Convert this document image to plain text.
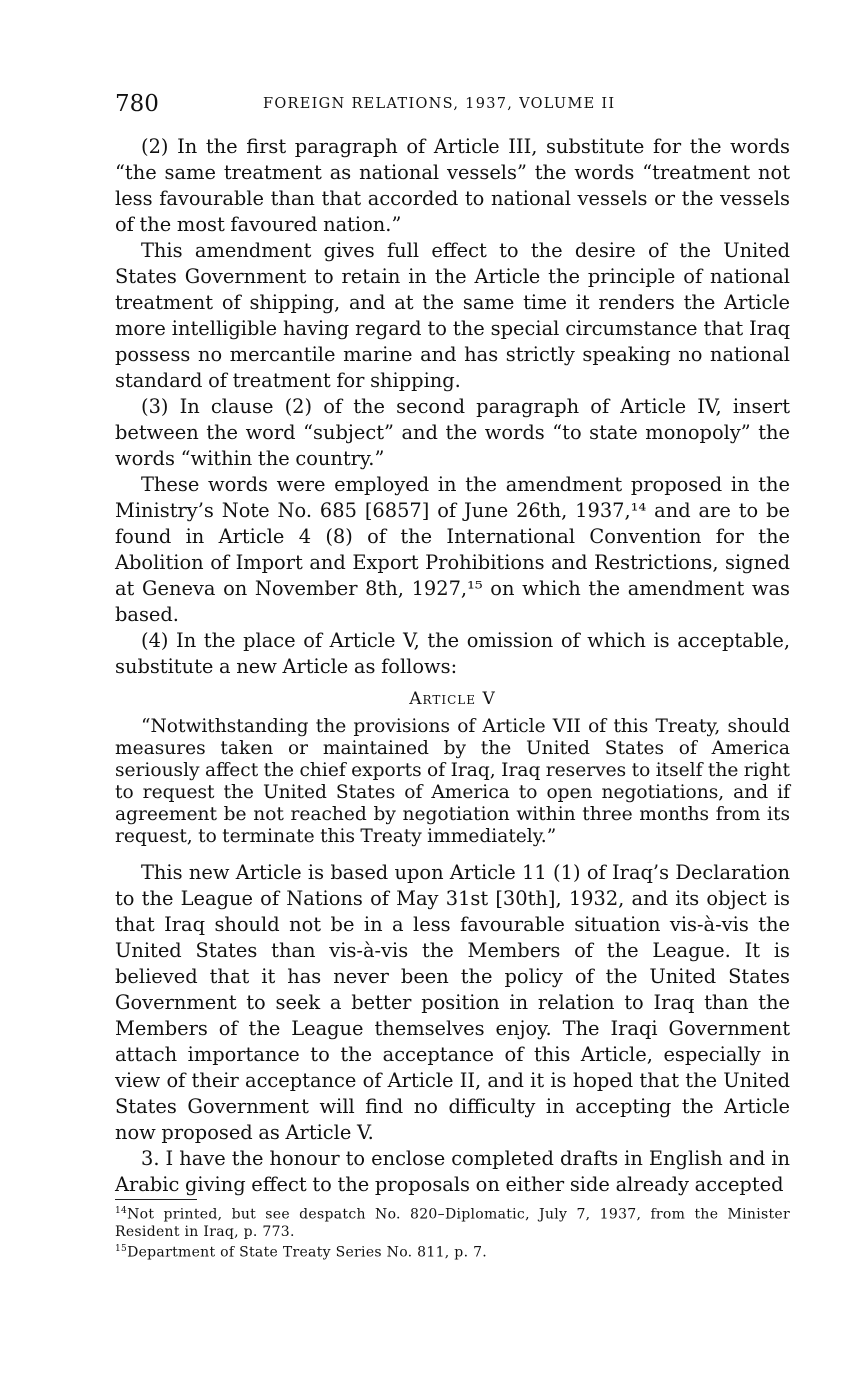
780	FOREIGN RELATIONS, 1937, VOLUME II

(2) In the first paragraph of Article III, substitute for the words “the same treatment as national vessels” the words “treatment not less favourable than that accorded to national vessels or the vessels of the most favoured nation.”

This amendment gives full effect to the desire of the United States Government to retain in the Article the principle of national treatment of shipping, and at the same time it renders the Article more intelligible having regard to the special circumstance that Iraq possess no mercantile marine and has strictly speaking no national standard of treatment for shipping.

(3) In clause (2) of the second paragraph of Article IV, insert between the word “subject” and the words “to state monopoly” the words “within the country.”

These words were employed in the amendment proposed in the Ministry’s Note No. 685 [6857] of June 26th, 1937,¹⁴ and are to be found in Article 4 (8) of the International Convention for the Abolition of Import and Export Prohibitions and Restrictions, signed at Geneva on November 8th, 1927,¹⁵ on which the amendment was based.

(4) In the place of Article V, the omission of which is acceptable, substitute a new Article as follows:

Article V

“Notwithstanding the provisions of Article VII of this Treaty, should measures taken or maintained by the United States of America seriously affect the chief exports of Iraq, Iraq reserves to itself the right to request the United States of America to open negotiations, and if agreement be not reached by negotiation within three months from its request, to terminate this Treaty immediately.”

This new Article is based upon Article 11 (1) of Iraq’s Declaration to the League of Nations of May 31st [30th], 1932, and its object is that Iraq should not be in a less favourable situation vis-à-vis the United States than vis-à-vis the Members of the League. It is believed that it has never been the policy of the United States Government to seek a better position in relation to Iraq than the Members of the League themselves enjoy. The Iraqi Government attach importance to the acceptance of this Article, especially in view of their acceptance of Article II, and it is hoped that the United States Government will find no difficulty in accepting the Article now proposed as Article V.

3. I have the honour to enclose completed drafts in English and in Arabic giving effect to the proposals on either side already accepted

$^{14}$Not printed, but see despatch No. 820–Diplomatic, July 7, 1937, from the Minister Resident in Iraq, p. 773.

$^{15}$Department of State Treaty Series No. 811, p. 7.
